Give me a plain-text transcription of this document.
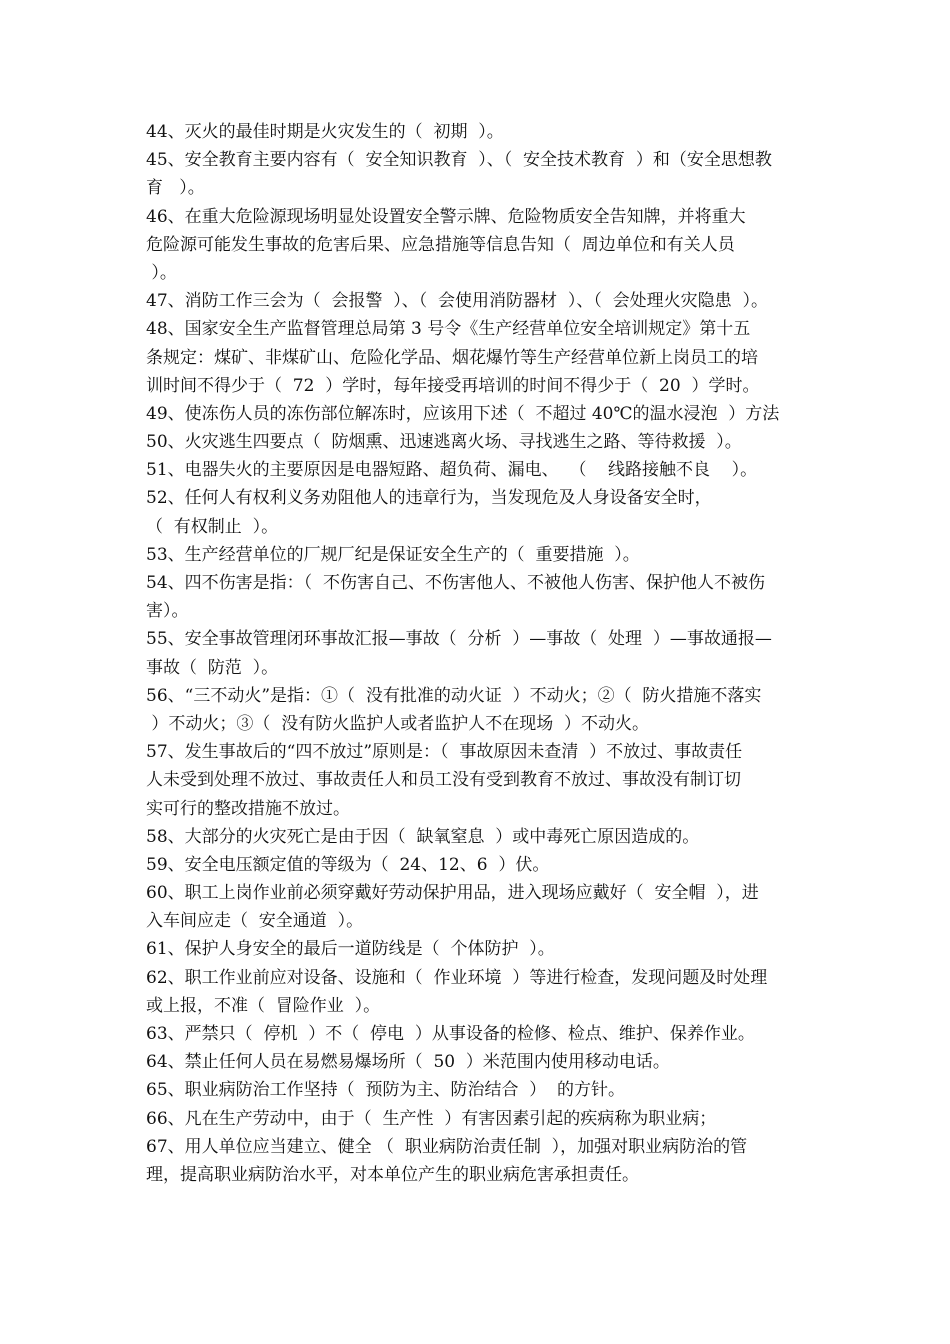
44、灭火的最佳时期是火灾发生的（  初期  ）。
45、安全教育主要内容有（  安全知识教育  ）、（  安全技术教育  ）和（安全思想教
育   ）。
46、在重大危险源现场明显处设置安全警示牌、危险物质安全告知牌，并将重大
危险源可能发生事故的危害后果、应急措施等信息告知（  周边单位和有关人员
）。
47、消防工作三会为（  会报警  ）、（  会使用消防器材  ）、（  会处理火灾隐患  ）。
48、国家安全生产监督管理总局第 3 号令《生产经营单位安全培训规定》第十五
条规定：煤矿、非煤矿山、危险化学品、烟花爆竹等生产经营单位新上岗员工的培
训时间不得少于（  72  ）学时，每年接受再培训的时间不得少于（  20  ）学时。
49、使冻伤人员的冻伤部位解冻时，应该用下述（  不超过 40℃的温水浸泡  ）方法
50、火灾逃生四要点（  防烟熏、迅速逃离火场、寻找逃生之路、等待救援  ）。
51、电器失火的主要原因是电器短路、超负荷、漏电、  （    线路接触不良    ）。
52、任何人有权利义务劝阻他人的违章行为，当发现危及人身设备安全时，
（  有权制止  ）。
53、生产经营单位的厂规厂纪是保证安全生产的（  重要措施  ）。
54、四不伤害是指：（  不伤害自己、不伤害他人、不被他人伤害、保护他人不被伤
害）。
55、安全事故管理闭环事故汇报—事故（  分析  ）—事故（  处理  ）—事故通报—
事故（  防范  ）。
56、“三不动火”是指：①（  没有批准的动火证  ）不动火；②（  防火措施不落实
）不动火；③（  没有防火监护人或者监护人不在现场  ）不动火。
57、发生事故后的“四不放过”原则是：（  事故原因未查清  ）不放过、事故责任
人未受到处理不放过、事故责任人和员工没有受到教育不放过、事故没有制订切
实可行的整改措施不放过。
58、大部分的火灾死亡是由于因（  缺氧窒息  ）或中毒死亡原因造成的。
59、安全电压额定值的等级为（  24、12、6  ）伏。
60、职工上岗作业前必须穿戴好劳动保护用品，进入现场应戴好（  安全帽  ），进
入车间应走（  安全通道  ）。
61、保护人身安全的最后一道防线是（  个体防护  ）。
62、职工作业前应对设备、设施和（  作业环境  ）等进行检查，发现问题及时处理
或上报，不准（  冒险作业  ）。
63、严禁只（  停机  ）不（  停电  ）从事设备的检修、检点、维护、保养作业。
64、禁止任何人员在易燃易爆场所（  50  ）米范围内使用移动电话。
65、职业病防治工作坚持（  预防为主、防治结合  ）  的方针。
66、凡在生产劳动中，由于（  生产性  ）有害因素引起的疾病称为职业病；
67、用人单位应当建立、健全 （  职业病防治责任制  ），加强对职业病防治的管
理，提高职业病防治水平，对本单位产生的职业病危害承担责任。
